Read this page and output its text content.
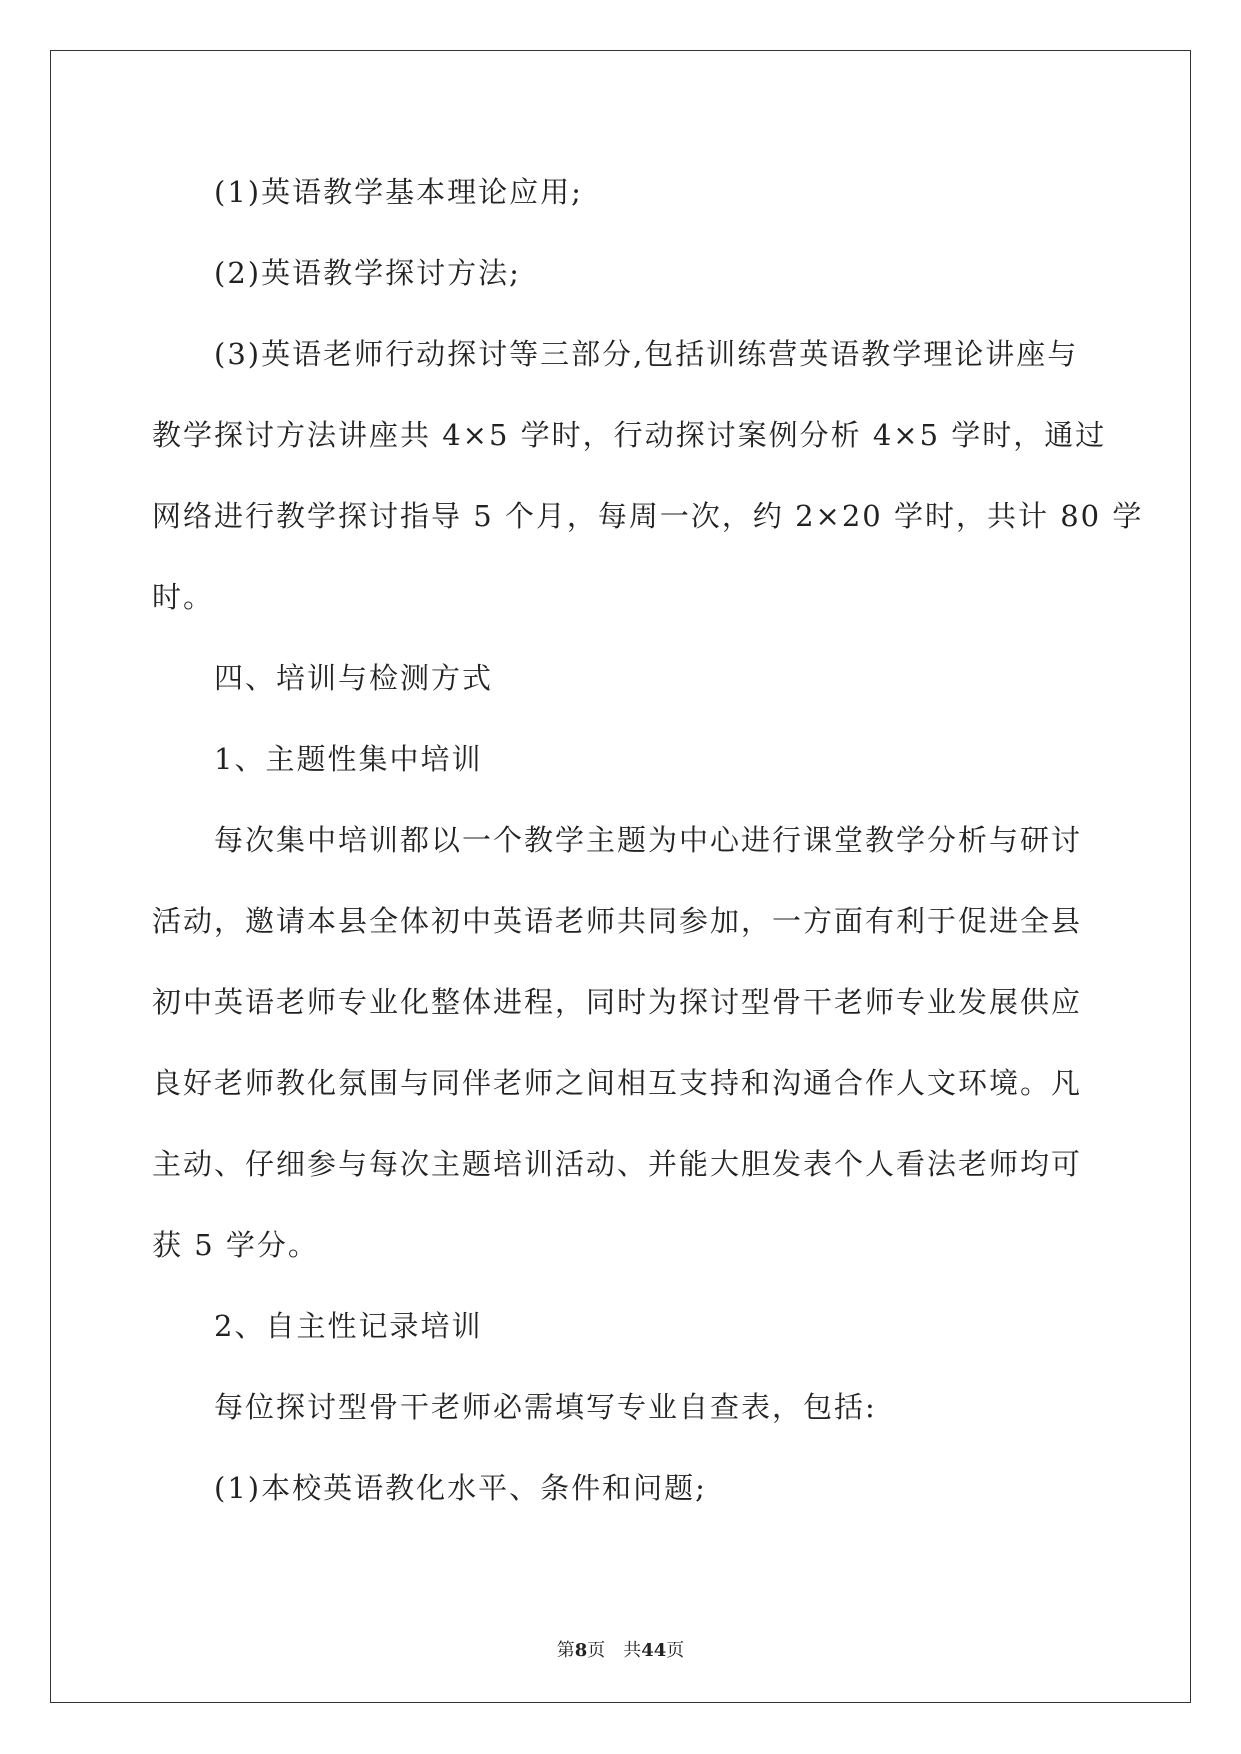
(1)英语教学基本理论应用;

(2)英语教学探讨方法;

(3)英语老师行动探讨等三部分,包括训练营英语教学理论讲座与

教学探讨方法讲座共 4×5 学时，行动探讨案例分析 4×5 学时，通过

网络进行教学探讨指导 5 个月，每周一次，约 2×20 学时，共计 80 学

时。

四、培训与检测方式

1、主题性集中培训

每次集中培训都以一个教学主题为中心进行课堂教学分析与研讨

活动，邀请本县全体初中英语老师共同参加，一方面有利于促进全县

初中英语老师专业化整体进程，同时为探讨型骨干老师专业发展供应

良好老师教化氛围与同伴老师之间相互支持和沟通合作人文环境。凡

主动、仔细参与每次主题培训活动、并能大胆发表个人看法老师均可

获 5 学分。

2、自主性记录培训

每位探讨型骨干老师必需填写专业自查表，包括:

(1)本校英语教化水平、条件和问题;

第8页 共44页
